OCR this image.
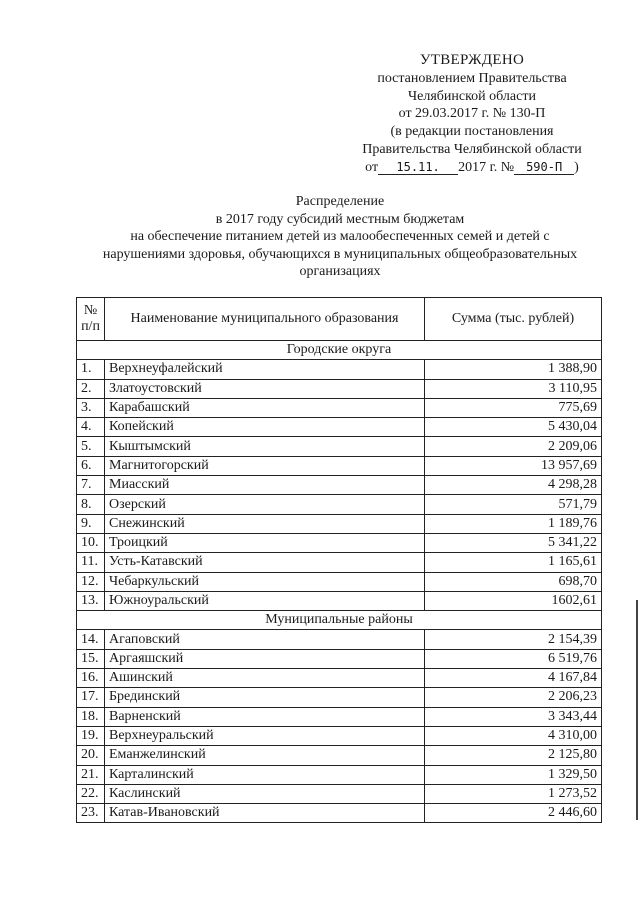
УТВЕРЖДЕНО
постановлением Правительства
Челябинской области
от 29.03.2017 г. № 130-П
(в редакции постановления
Правительства Челябинской области
от 15.11. 2017 г. № 590-П )
Распределение
в 2017 году субсидий местным бюджетам
на обеспечение питанием детей из малообеспеченных семей и детей с
нарушениями здоровья, обучающихся в муниципальных общеобразовательных
организациях
№
п/п	Наименование муниципального образования	Сумма (тыс. рублей)
Городские округа		
1.	Верхнеуфалейский	1 388,90
2.	Златоустовский	3 110,95
3.	Карабашский	775,69
4.	Копейский	5 430,04
5.	Кыштымский	2 209,06
6.	Магнитогорский	13 957,69
7.	Миасский	4 298,28
8.	Озерский	571,79
9.	Снежинский	1 189,76
10.	Троицкий	5 341,22
11.	Усть-Катавский	1 165,61
12.	Чебаркульский	698,70
13.	Южноуральский	1602,61
Муниципальные районы		
14.	Агаповский	2 154,39
15.	Аргаяшский	6 519,76
16.	Ашинский	4 167,84
17.	Брединский	2 206,23
18.	Варненский	3 343,44
19.	Верхнеуральский	4 310,00
20.	Еманжелинский	2 125,80
21.	Карталинский	1 329,50
22.	Каслинский	1 273,52
23.	Катав-Ивановский	2 446,60
